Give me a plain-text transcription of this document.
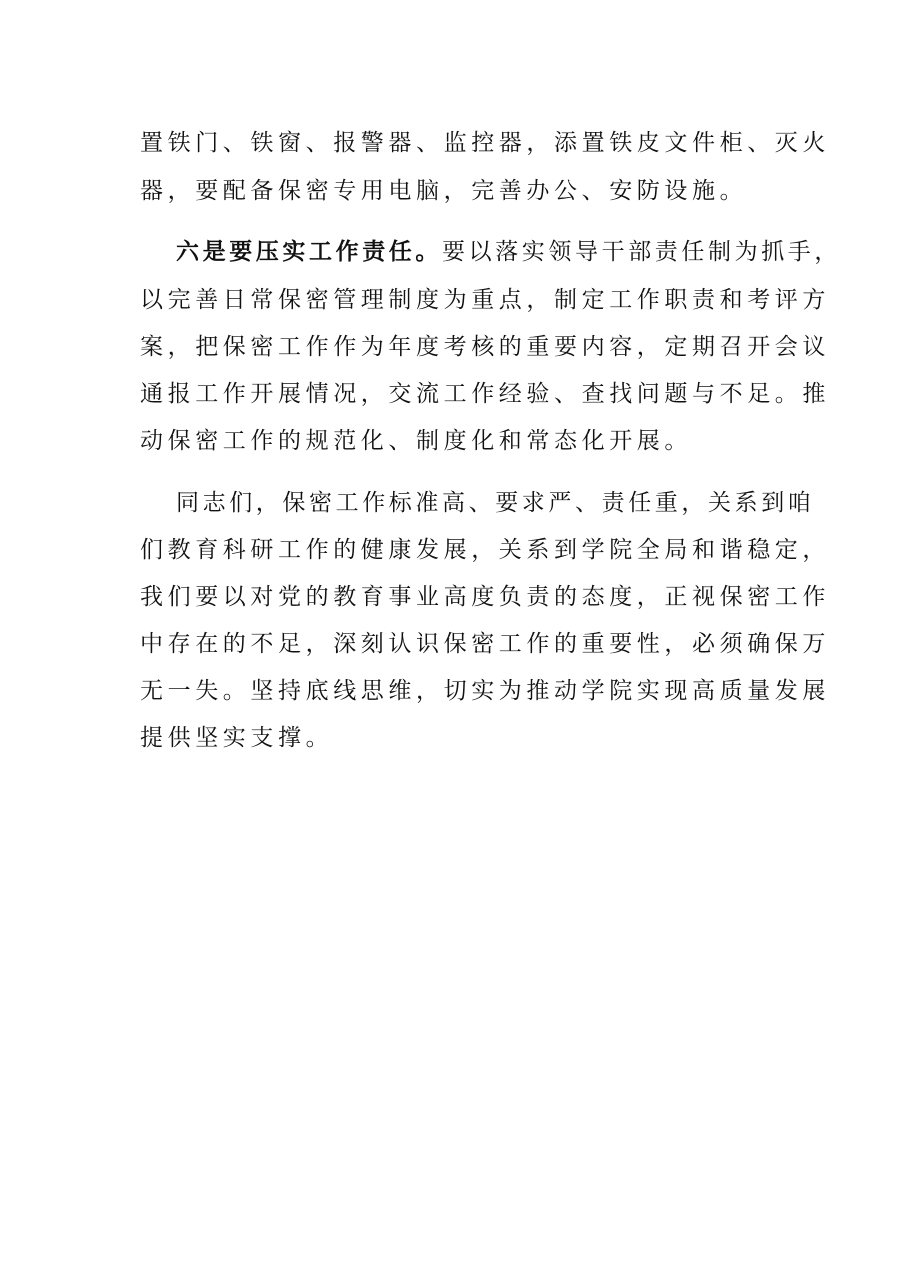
置铁门、铁窗、报警器、监控器，添置铁皮文件柜、灭火
器，要配备保密专用电脑，完善办公、安防设施。
六是要压实工作责任。要以落实领导干部责任制为抓手，
以完善日常保密管理制度为重点，制定工作职责和考评方
案，把保密工作作为年度考核的重要内容，定期召开会议
通报工作开展情况，交流工作经验、查找问题与不足。推
动保密工作的规范化、制度化和常态化开展。
同志们，保密工作标准高、要求严、责任重，关系到咱
们教育科研工作的健康发展，关系到学院全局和谐稳定，
我们要以对党的教育事业高度负责的态度，正视保密工作
中存在的不足，深刻认识保密工作的重要性，必须确保万
无一失。坚持底线思维，切实为推动学院实现高质量发展
提供坚实支撑。
